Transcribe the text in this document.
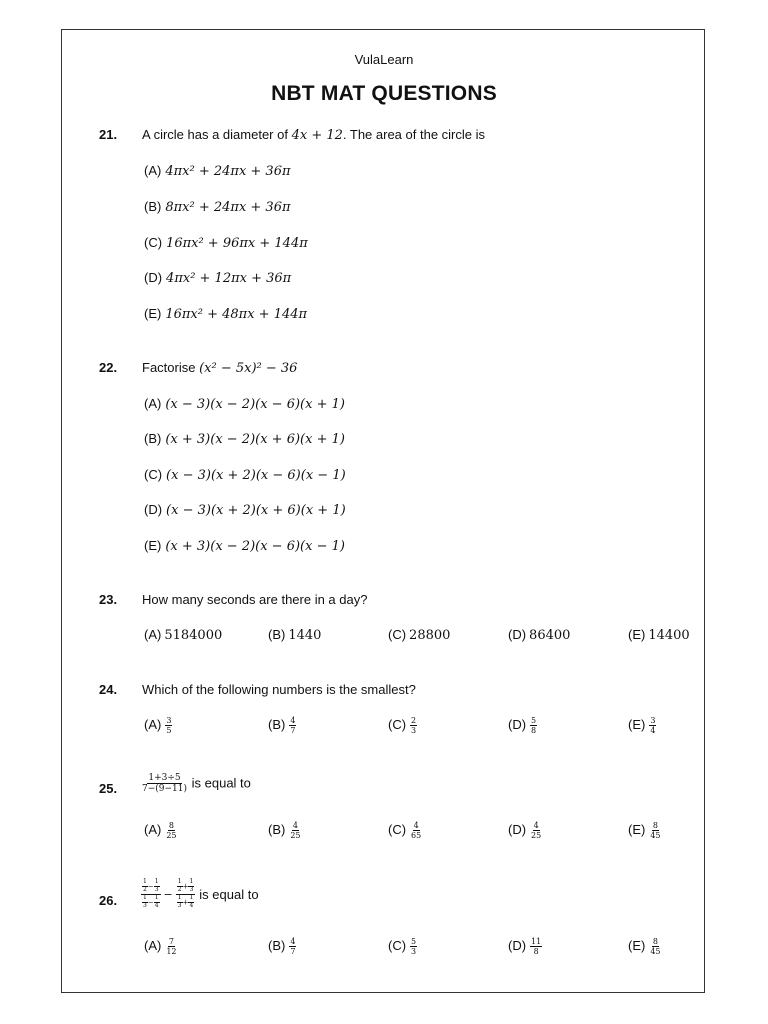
VulaLearn
NBT MAT QUESTIONS
21. A circle has a diameter of 4x + 12. The area of the circle is
(A) 4πx² + 24πx + 36π
(B) 8πx² + 24πx + 36π
(C) 16πx² + 96πx + 144π
(D) 4πx² + 12πx + 36π
(E) 16πx² + 48πx + 144π
22. Factorise (x² − 5x)² − 36
(A) (x − 3)(x − 2)(x − 6)(x + 1)
(B) (x + 3)(x − 2)(x + 6)(x + 1)
(C) (x − 3)(x + 2)(x − 6)(x − 1)
(D) (x − 3)(x + 2)(x + 6)(x + 1)
(E) (x + 3)(x − 2)(x − 6)(x − 1)
23. How many seconds are there in a day?
(A) 5184000	(B) 1440	(C) 28800	(D) 86400	(E) 14400
24. Which of the following numbers is the smallest?
$(A) \frac{3}{5}$	$(B) \frac{4}{7}$	$(C) \frac{2}{3}$	$(D) \frac{5}{8}$	$(E) \frac{3}{4}$
25.	$\frac{1+3\div 5}{7-(9-11)}$ is equal to
$(A) \frac{8}{25}$	$(B) \frac{4}{25}$	$(C) \frac{4}{65}$	$(D) \frac{4}{25}$	$(E) \frac{8}{45}$
26.	$\frac{\frac{1}{2} - \frac{1}{3}}{\frac{1}{3} - \frac{1}{4}} - \frac{\frac{1}{2} + \frac{1}{3}}{\frac{1}{3} + \frac{1}{4}}$ is equal to
$(A) \frac{7}{12}$	$(B) \frac{4}{7}$	$(C) \frac{5}{3}$	$(D) \frac{11}{8}$	$(E) \frac{8}{45}$
